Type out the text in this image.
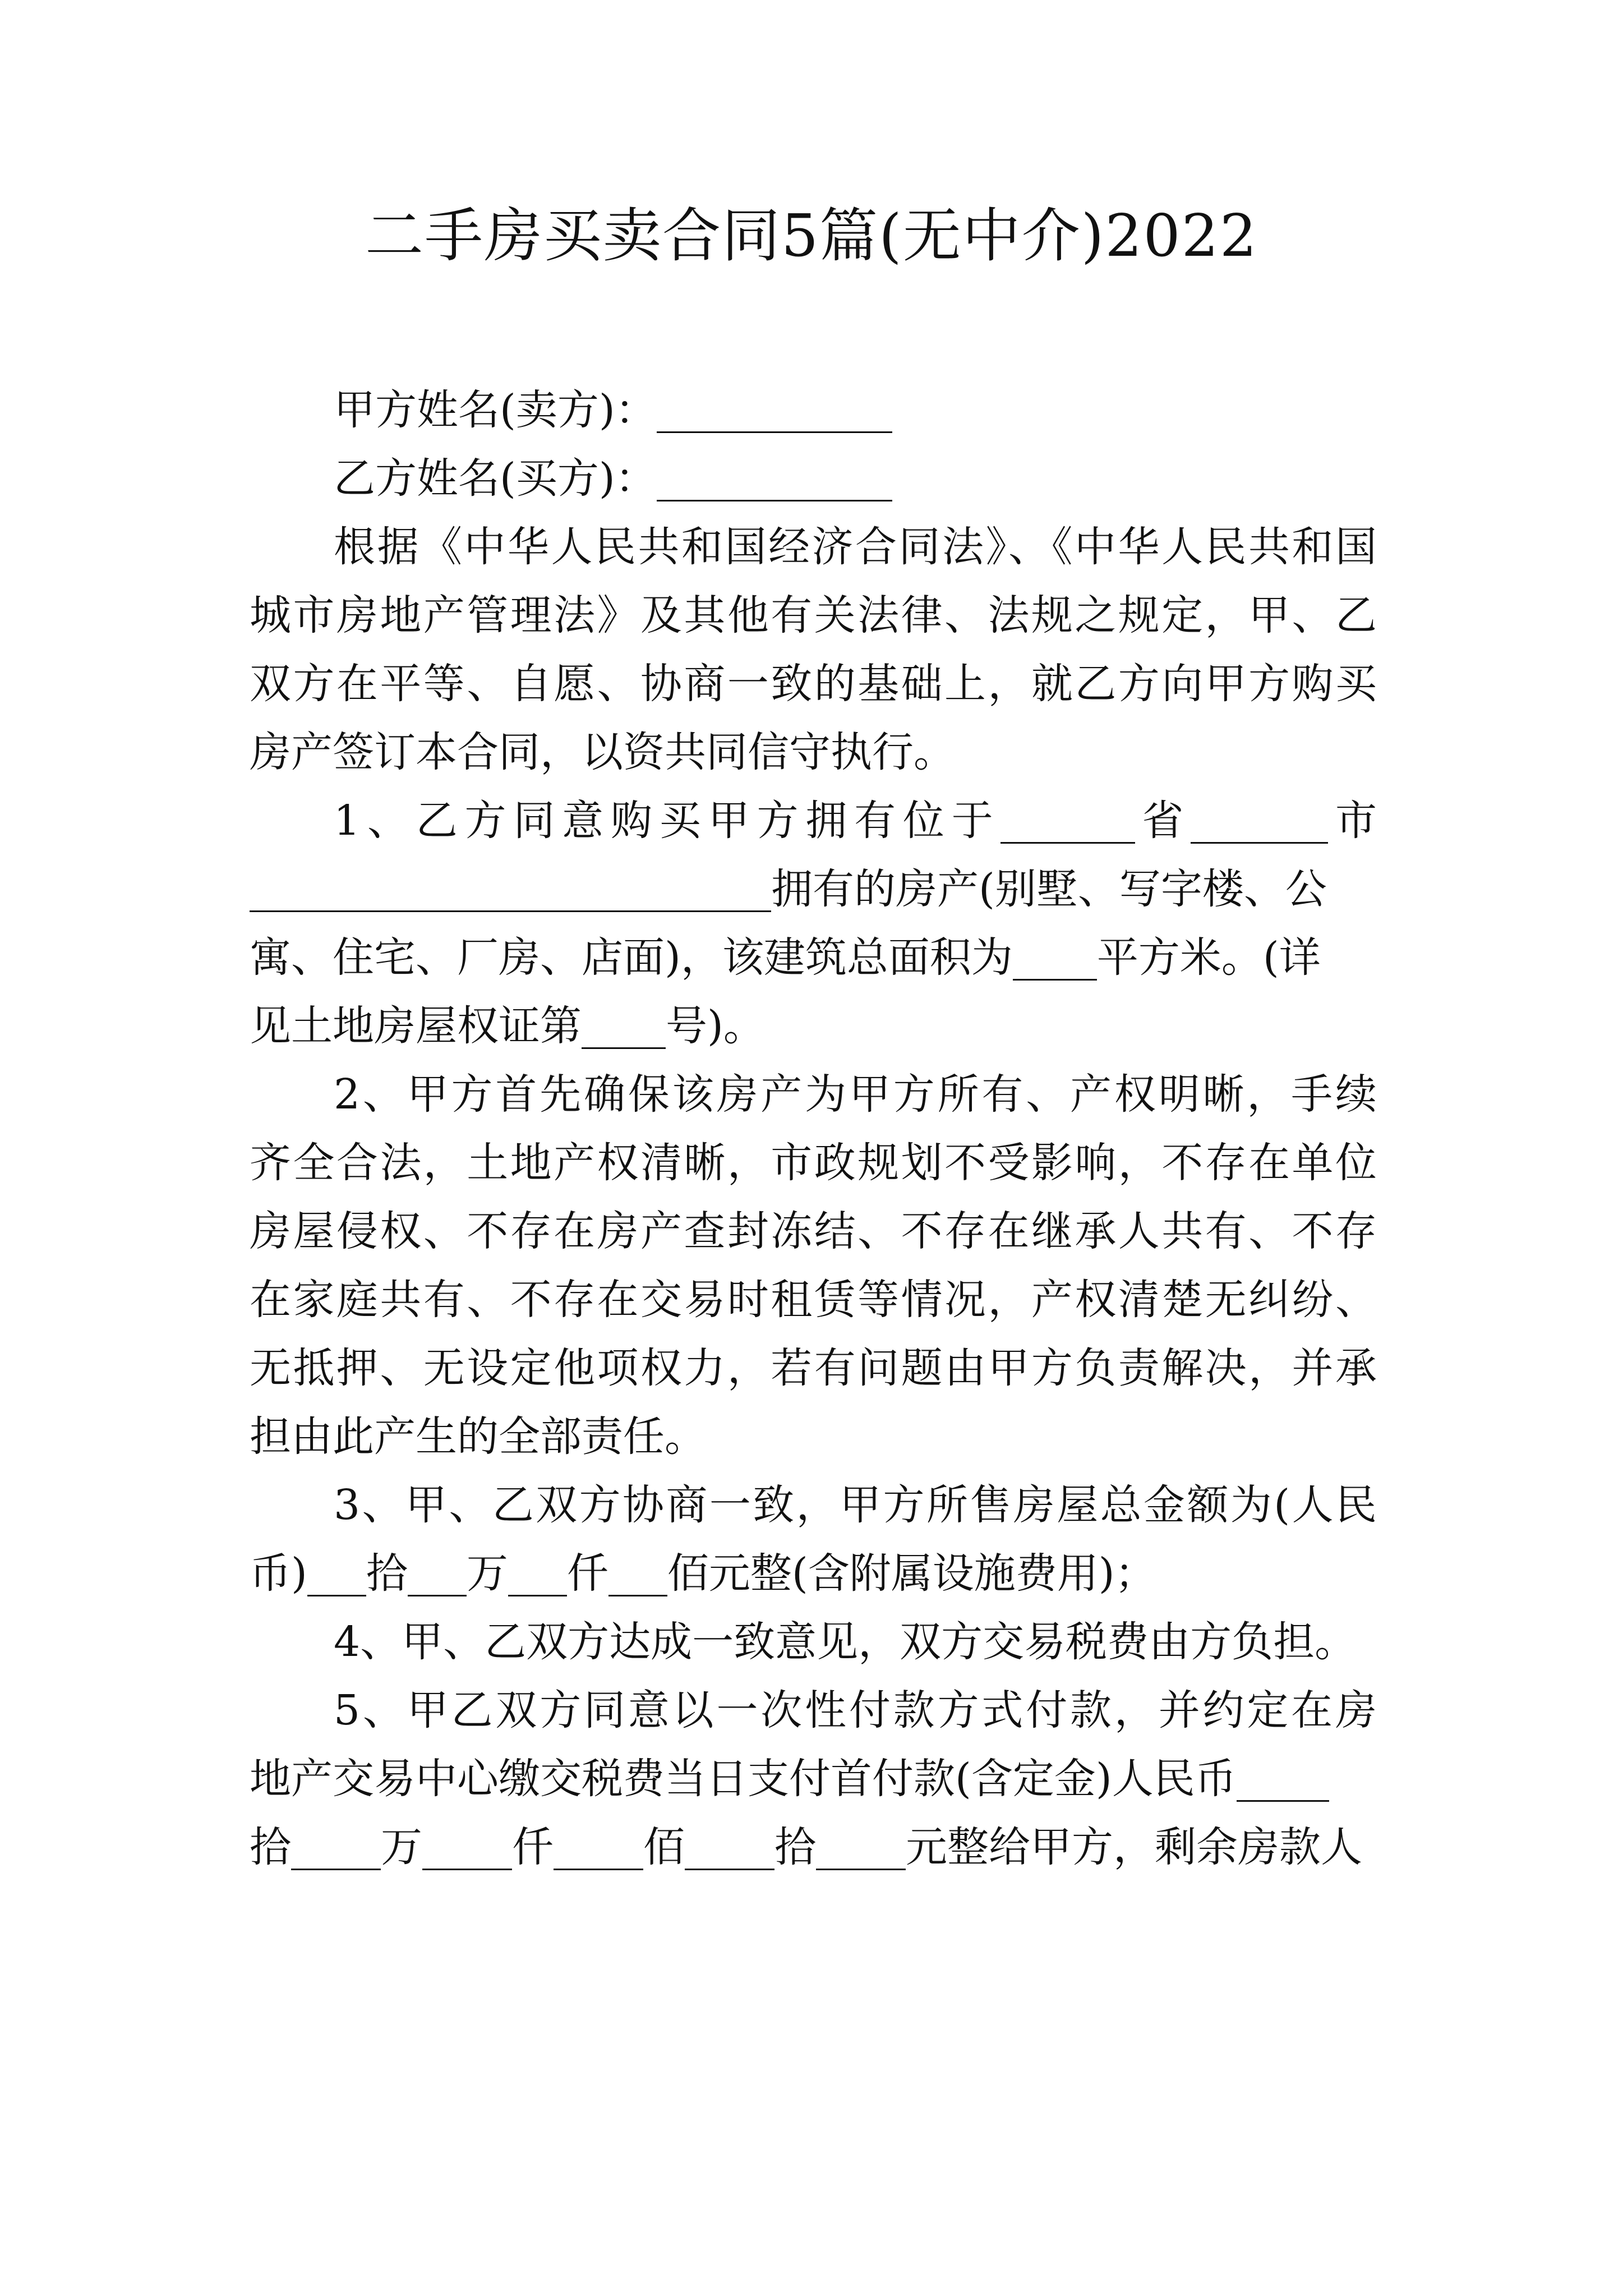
二手房买卖合同5篇(无中介)2022
甲方姓名(卖方)：
乙方姓名(买方)：
根据《中华人民共和国经济合同法》、《中华人民共和国
城市房地产管理法》及其他有关法律、法规之规定，甲、乙
双方在平等、自愿、协商一致的基础上，就乙方向甲方购买
房产签订本合同，以资共同信守执行。
1、乙方同意购买甲方拥有位于	省	市
拥有的房产(别墅、写字楼、公
寓、住宅、厂房、店面)，该建筑总面积为 平方米。(详
见土地房屋权证第 号)。
2、甲方首先确保该房产为甲方所有、产权明晰，手续
齐全合法，土地产权清晰，市政规划不受影响，不存在单位
房屋侵权、不存在房产查封冻结、不存在继承人共有、不存
在家庭共有、不存在交易时租赁等情况，产权清楚无纠纷、
无抵押、无设定他项权力，若有问题由甲方负责解决，并承
担由此产生的全部责任。
3、甲、乙双方协商一致，甲方所售房屋总金额为(人民
币) 拾 万 仟 佰元整(含附属设施费用)；
4、甲、乙双方达成一致意见，双方交易税费由方负担。
5、甲乙双方同意以一次性付款方式付款，并约定在房
地产交易中心缴交税费当日支付首付款(含定金)人民币
拾 万 仟 佰 拾 元整给甲方，剩余房款人
